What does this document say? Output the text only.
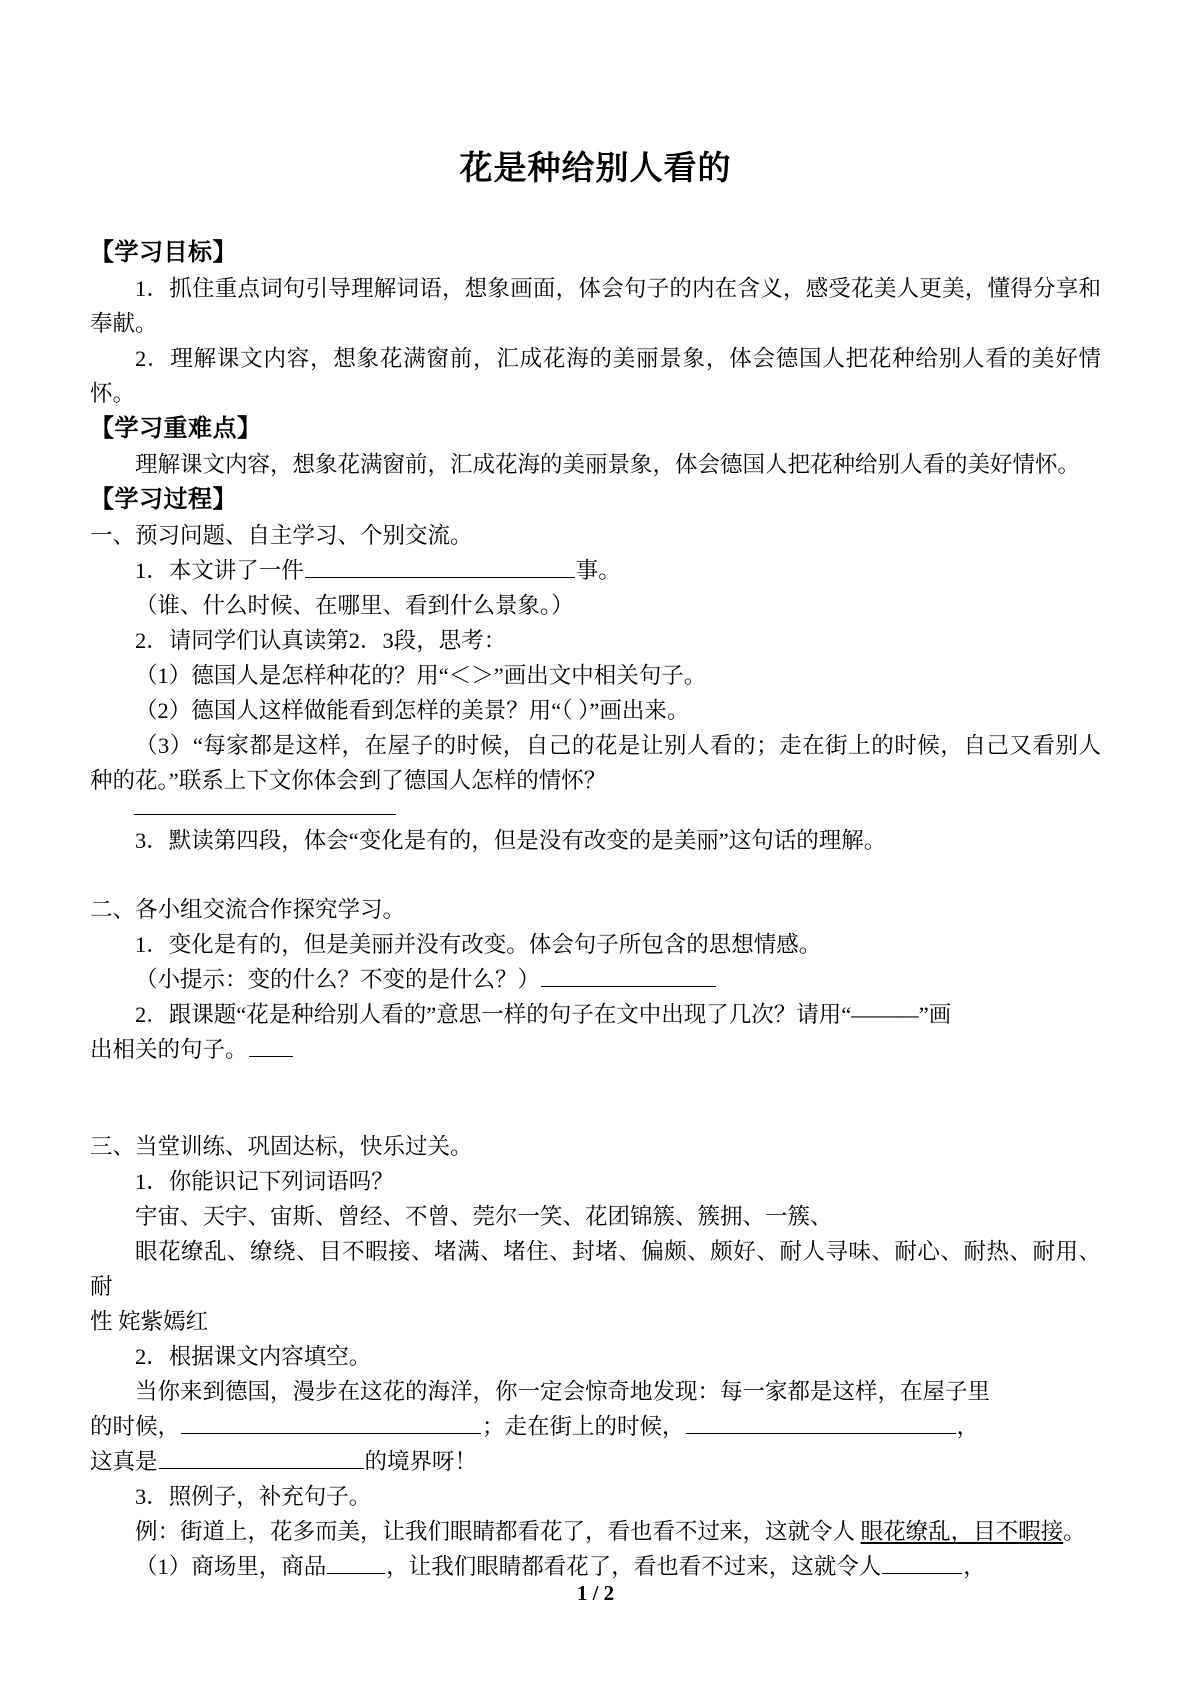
花是种给别人看的

【学习目标】

1．抓住重点词句引导理解词语，想象画面，体会句子的内在含义，感受花美人更美，懂得分享和奉献。

2．理解课文内容，想象花满窗前，汇成花海的美丽景象，体会德国人把花种给别人看的美好情怀。

【学习重难点】

理解课文内容，想象花满窗前，汇成花海的美丽景象，体会德国人把花种给别人看的美好情怀。

【学习过程】

一、预习问题、自主学习、个别交流。

1．本文讲了一件	事。

（谁、什么时候、在哪里、看到什么景象。）

2．请同学们认真读第2．3段，思考：

（1）德国人是怎样种花的？用“＜＞”画出文中相关句子。

（2）德国人这样做能看到怎样的美景？用“（ ）”画出来。

（3）“每家都是这样，在屋子的时候，自己的花是让别人看的；走在街上的时候，自己又看别人种的花。”联系上下文你体会到了德国人怎样的情怀？

3．默读第四段，体会“变化是有的，但是没有改变的是美丽”这句话的理解。

二、各小组交流合作探究学习。

1．变化是有的，但是美丽并没有改变。体会句子所包含的思想情感。

（小提示：变的什么？不变的是什么？）

2．跟课题“花是种给别人看的”意思一样的句子在文中出现了几次？请用“———”画

出相关的句子。

三、当堂训练、巩固达标，快乐过关。

1．你能识记下列词语吗？

宇宙、天宇、宙斯、曾经、不曾、莞尔一笑、花团锦簇、簇拥、一簇、

眼花缭乱、缭绕、目不暇接、堵满、堵住、封堵、偏颇、颇好、耐人寻味、耐心、耐热、耐用、耐

性 姹紫嫣红

2．根据课文内容填空。

当你来到德国，漫步在这花的海洋，你一定会惊奇地发现：每一家都是这样，在屋子里

的时候，	；走在街上的时候，	，

这真是	的境界呀！

3．照例子，补充句子。

例：街道上，花多而美，让我们眼睛都看花了，看也看不过来，这就令人 眼花缭乱，目不暇接。

（1）商场里，商品	，让我们眼睛都看花了，看也看不过来，这就令人	，

1 / 2
